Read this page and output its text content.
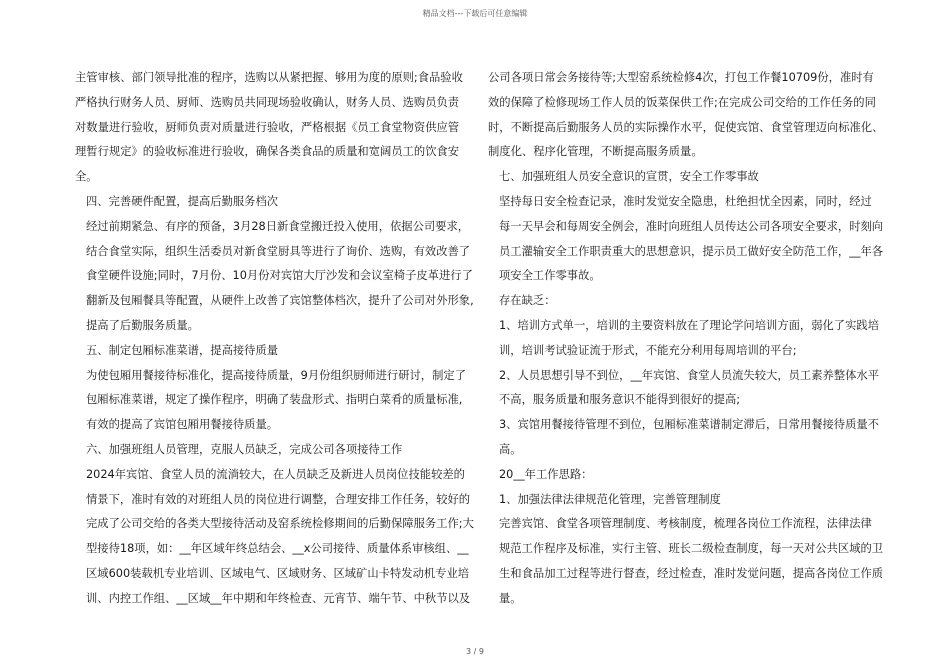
精品文档---下载后可任意编辑
主管审核、部门领导批准的程序，选购以从紧把握、够用为度的原则;食品验收
严格执行财务人员、厨师、选购员共同现场验收确认，财务人员、选购员负责
对数量进行验收，厨师负责对质量进行验收，严格根据《员工食堂物资供应管
理暂行规定》的验收标准进行验收，确保各类食品的质量和宽阔员工的饮食安
全。
四、完善硬件配置，提高后勤服务档次
经过前期紧急、有序的预备，3月28日新食堂搬迁投入使用，依据公司要求，
结合食堂实际，组织生活委员对新食堂厨具等进行了询价、选购，有效改善了
食堂硬件设施;同时，7月份、10月份对宾馆大厅沙发和会议室椅子皮革进行了
翻新及包厢餐具等配置，从硬件上改善了宾馆整体档次，提升了公司对外形象,
提高了后勤服务质量。
五、制定包厢标准菜谱，提高接待质量
为使包厢用餐接待标准化，提高接待质量，9月份组织厨师进行研讨，制定了
包厢标准菜谱，规定了操作程序，明确了装盘形式、指明白菜肴的质量标准,
有效的提高了宾馆包厢用餐接待质量。
六、加强班组人员管理，克服人员缺乏，完成公司各项接待工作
2024年宾馆、食堂人员的流淌较大，在人员缺乏及新进人员岗位技能较差的
情景下，准时有效的对班组人员的岗位进行调整，合理安排工作任务，较好的
完成了公司交给的各类大型接待活动及窑系统检修期间的后勤保障服务工作;大
型接待18项，如：__年区域年终总结会、__x公司接待、质量体系审核组、__
区域600装载机专业培训、区域电气、区域财务、区域矿山卡特发动机专业培
训、内控工作组、__区域__年中期和年终检查、元宵节、端午节、中秋节以及
公司各项日常会务接待等;大型窑系统检修4次，打包工作餐10709份，准时有
效的保障了检修现场工作人员的饭菜保供工作;在完成公司交给的工作任务的同
时，不断提高后勤服务人员的实际操作水平，促使宾馆、食堂管理迈向标准化、
制度化、程序化管理，不断提高服务质量。
七、加强班组人员安全意识的宣贯，安全工作零事故
坚持每日安全检查记录，准时发觉安全隐患，杜绝担忧全因素，同时，经过
每一天早会和每周安全例会，准时向班组人员传达公司各项安全要求，时刻向
员工灌输安全工作职责重大的思想意识，提示员工做好安全防范工作，__年各
项安全工作零事故。
存在缺乏：
1、培训方式单一，培训的主要资料放在了理论学问培训方面，弱化了实践培
训，培训考试验证流于形式，不能充分利用每周培训的平台;
2、人员思想引导不到位，__年宾馆、食堂人员流失较大，员工素养整体水平
不高，服务质量和服务意识不能得到很好的提高;
3、宾馆用餐接待管理不到位，包厢标准菜谱制定滞后，日常用餐接待质量不
高。
20__年工作思路：
1、加强法律法律规范化管理，完善管理制度
完善宾馆、食堂各项管理制度、考核制度，梳理各岗位工作流程，法律法律
规范工作程序及标准，实行主管、班长二级检查制度，每一天对公共区域的卫
生和食品加工过程等进行督查，经过检查，准时发觉问题，提高各岗位工作质
量。
3 / 9
